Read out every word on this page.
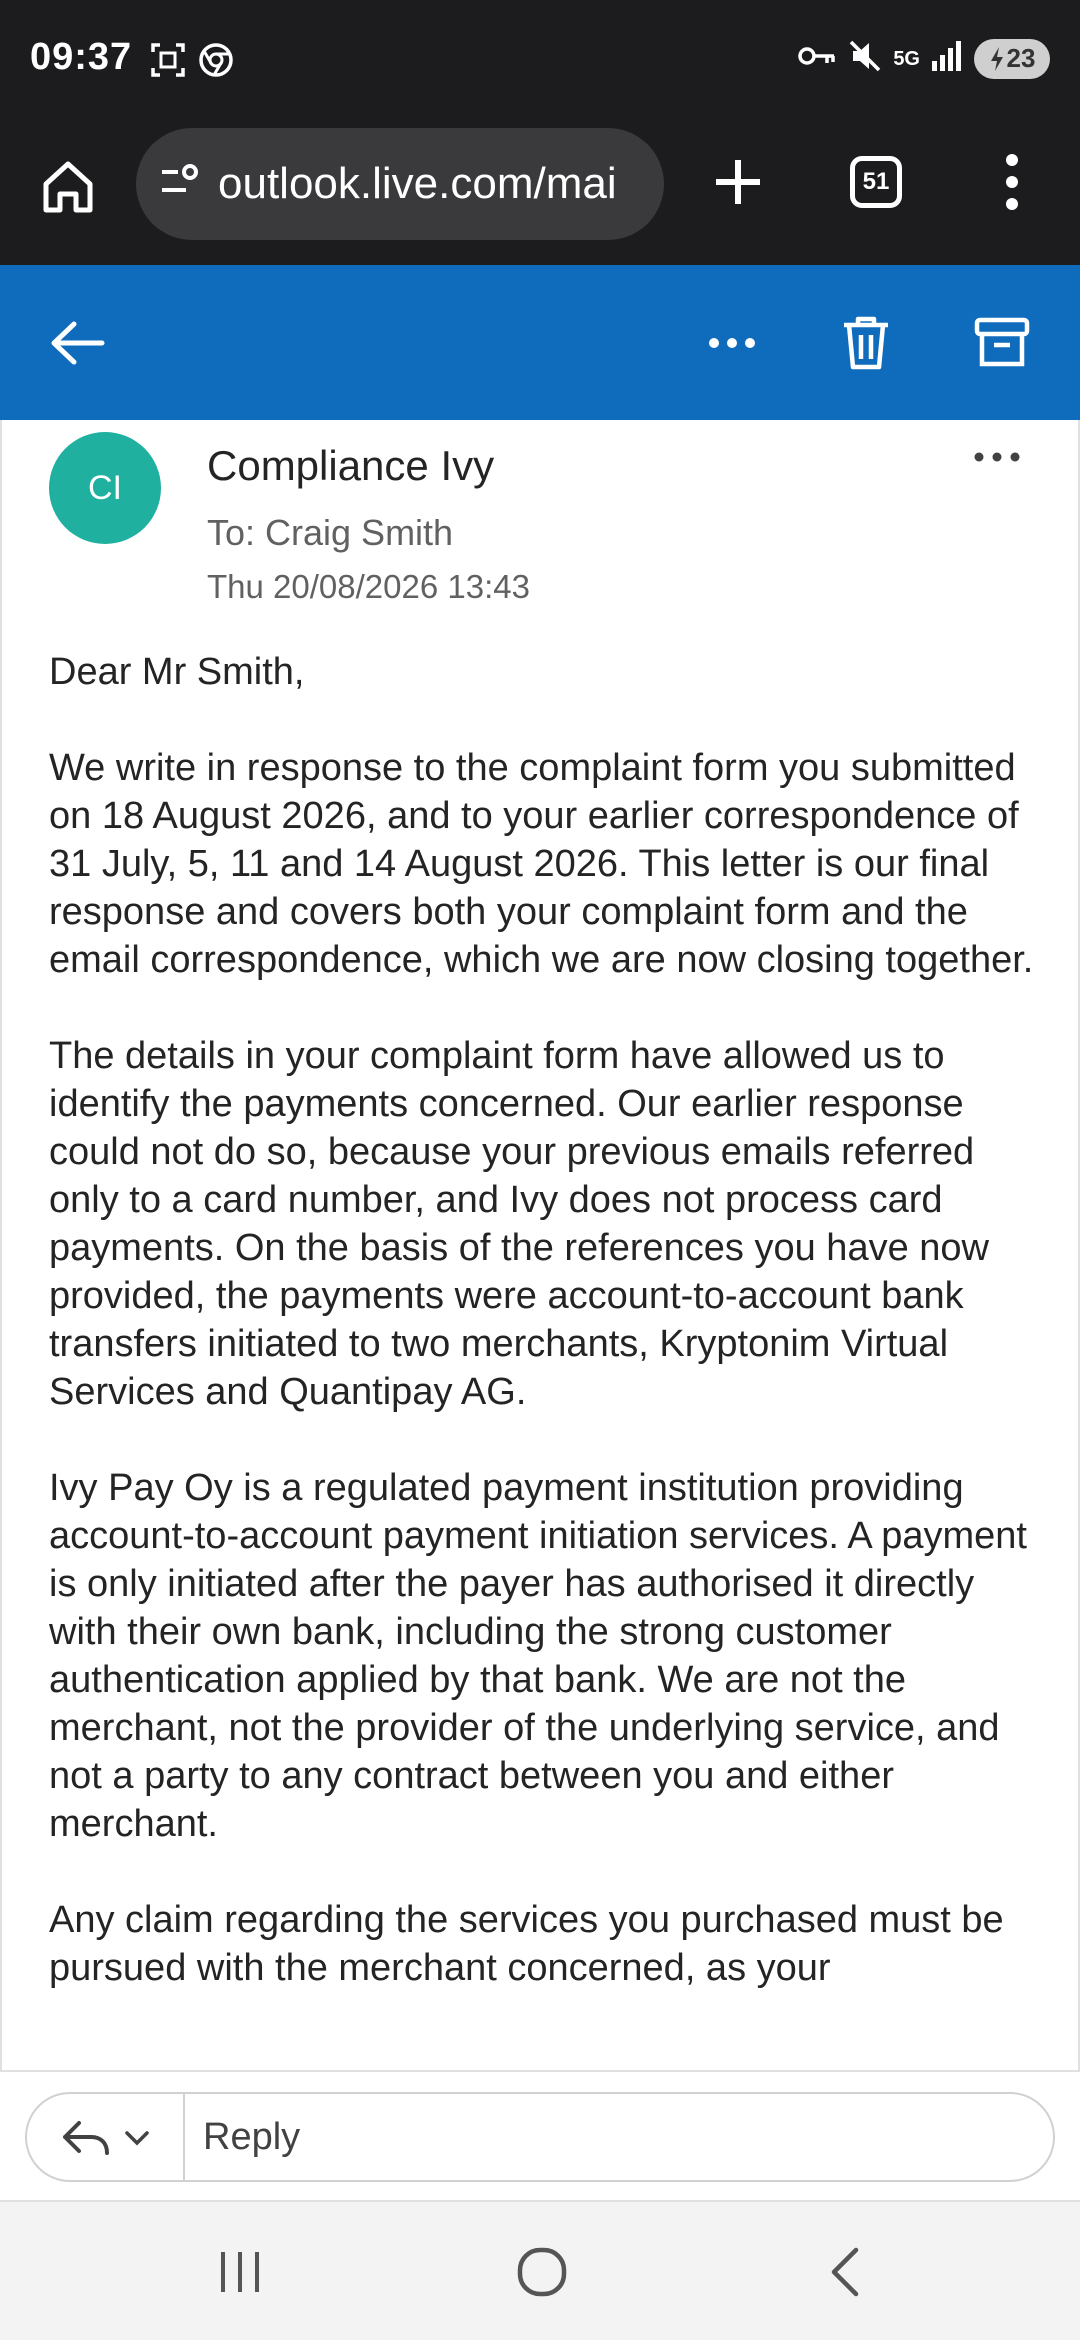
09:37	5G	23
outlook.live.com/mai	51
CI	Compliance Ivy
To: Craig Smith
Thu 20/08/2026 13:43

Dear Mr Smith,

We write in response to the complaint form you submitted on 18 August 2026, and to your earlier correspondence of 31 July, 5, 11 and 14 August 2026. This letter is our final response and covers both your complaint form and the email correspondence, which we are now closing together.

The details in your complaint form have allowed us to identify the payments concerned. Our earlier response could not do so, because your previous emails referred only to a card number, and Ivy does not process card payments. On the basis of the references you have now provided, the payments were account-to-account bank transfers initiated to two merchants, Kryptonim Virtual Services and Quantipay AG.

Ivy Pay Oy is a regulated payment institution providing account-to-account payment initiation services. A payment is only initiated after the payer has authorised it directly with their own bank, including the strong customer authentication applied by that bank. We are not the merchant, not the provider of the underlying service, and not a party to any contract between you and either merchant.

Any claim regarding the services you purchased must be pursued with the merchant concerned, as your

Reply
